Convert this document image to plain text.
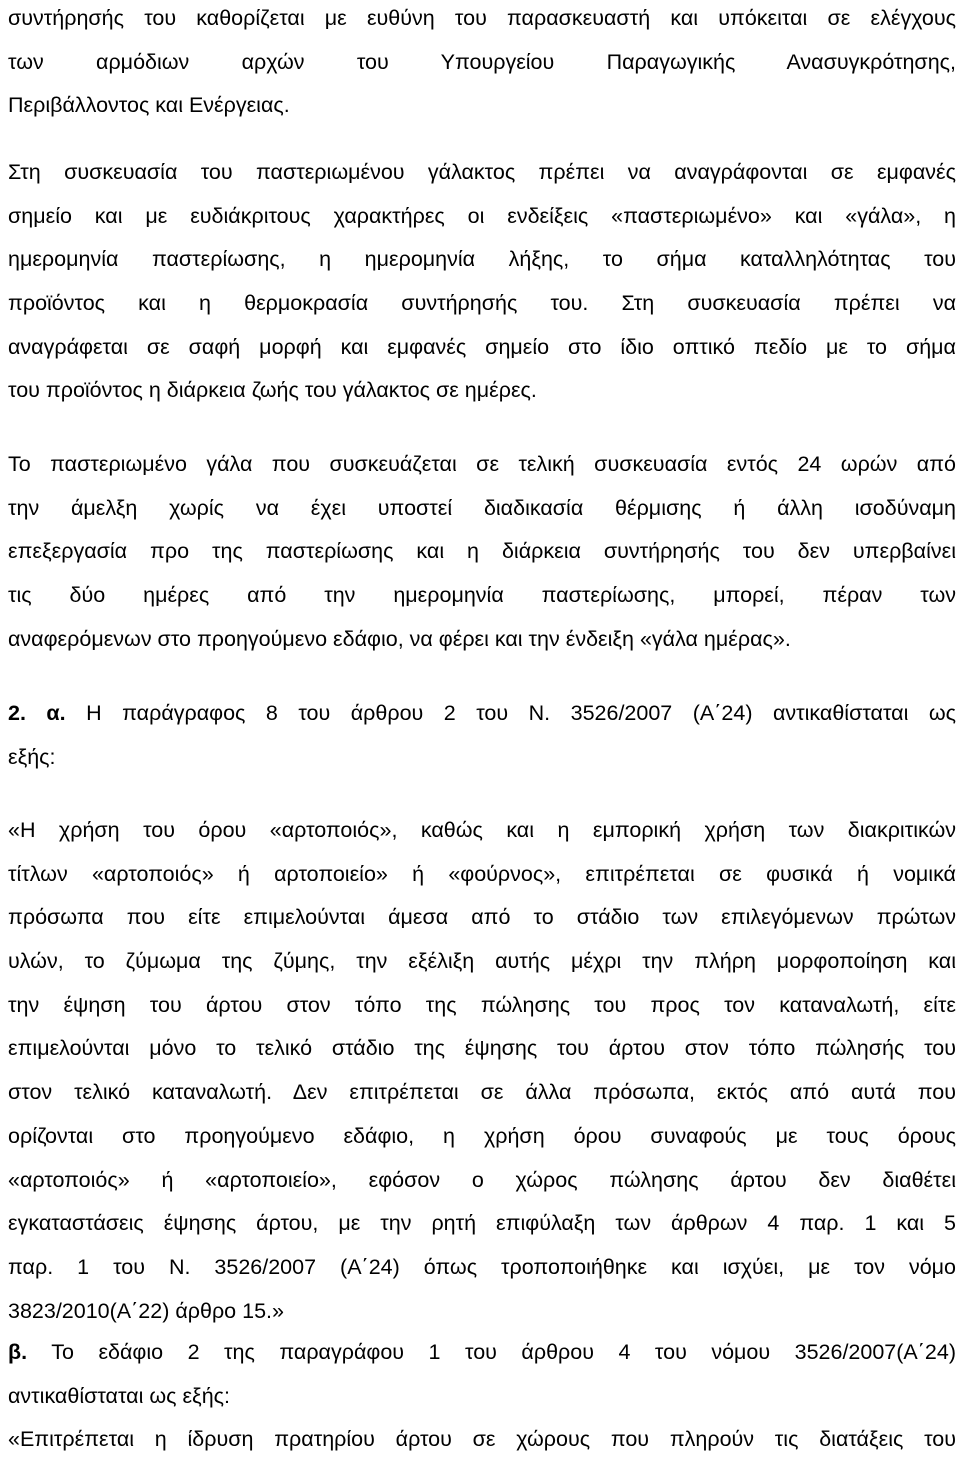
συντήρησής του καθορίζεται με ευθύνη του παρασκευαστή και υπόκειται σε ελέγχους
των αρμόδιων αρχών του Υπουργείου Παραγωγικής Ανασυγκρότησης,
Περιβάλλοντος και Ενέργειας.
Στη συσκευασία του παστεριωμένου γάλακτος πρέπει να αναγράφονται σε εμφανές
σημείο και με ευδιάκριτους χαρακτήρες οι ενδείξεις «παστεριωμένο» και «γάλα», η
ημερομηνία παστερίωσης, η ημερομηνία λήξης, το σήμα καταλληλότητας του
προϊόντος και η θερμοκρασία συντήρησής του. Στη συσκευασία πρέπει να
αναγράφεται σε σαφή μορφή και εμφανές σημείο στο ίδιο οπτικό πεδίο με το σήμα
του προϊόντος η διάρκεια ζωής του γάλακτος σε ημέρες.
Το παστεριωμένο γάλα που συσκευάζεται σε τελική συσκευασία εντός 24 ωρών από
την άμελξη χωρίς να έχει υποστεί διαδικασία θέρμισης ή άλλη ισοδύναμη
επεξεργασία προ της παστερίωσης και η διάρκεια συντήρησής του δεν υπερβαίνει
τις δύο ημέρες από την ημερομηνία παστερίωσης, μπορεί, πέραν των
αναφερόμενων στο προηγούμενο εδάφιο, να φέρει και την ένδειξη «γάλα ημέρας».
2. α. Η παράγραφος 8 του άρθρου 2 του Ν. 3526/2007 (Α΄24) αντικαθίσταται ως
εξής:
«Η χρήση του όρου «αρτοποιός», καθώς και η εμπορική χρήση των διακριτικών
τίτλων «αρτοποιός» ή αρτοποιείο» ή «φούρνος», επιτρέπεται σε φυσικά ή νομικά
πρόσωπα που είτε επιμελούνται άμεσα από το στάδιο των επιλεγόμενων πρώτων
υλών, το ζύμωμα της ζύμης, την εξέλιξη αυτής μέχρι την πλήρη μορφοποίηση και
την έψηση του άρτου στον τόπο της πώλησης του προς τον καταναλωτή, είτε
επιμελούνται μόνο το τελικό στάδιο της έψησης του άρτου στον τόπο πώλησής του
στον τελικό καταναλωτή. Δεν επιτρέπεται σε άλλα πρόσωπα, εκτός από αυτά που
ορίζονται στο προηγούμενο εδάφιο, η χρήση όρου συναφούς με τους όρους
«αρτοποιός» ή «αρτοποιείο», εφόσον ο χώρος πώλησης άρτου δεν διαθέτει
εγκαταστάσεις έψησης άρτου, με την ρητή επιφύλαξη των άρθρων 4 παρ. 1 και 5
παρ. 1 του Ν. 3526/2007 (Α΄24) όπως τροποποιήθηκε και ισχύει, με τον νόμο
3823/2010(Α΄22) άρθρο 15.»
β. Το εδάφιο 2 της παραγράφου 1 του άρθρου 4 του νόμου 3526/2007(Α΄24)
αντικαθίσταται ως εξής:
«Επιτρέπεται η ίδρυση πρατηρίου άρτου σε χώρους που πληρούν τις διατάξεις του
